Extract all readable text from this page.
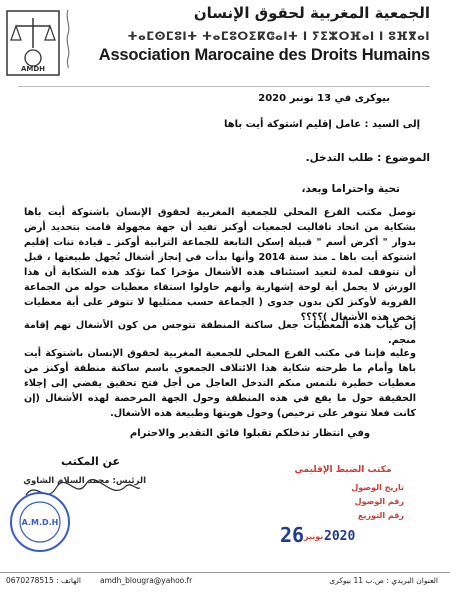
AMDH
الجمعية المغربية لحقوق الإنسان
ⵜⴰⵎⵙⵎⵓⵏⵜ ⵜⴰⵎⵓⵔⵉⴽⵛⴰⵏⵜ ⵏ ⵢⵉⵣⵔⴼⴰⵏ ⵏ ⵓⴼⴳⴰⵏ
Association Marocaine des Droits Humains
بيوكرى في 13 نونبر 2020
إلى السيد : عامل إقليم اشتوكة أيت باها
الموضوع : طلب التدخل.
تحية واحتراما وبعد،
توصل مكتب الفرع المحلي للجمعية المغربية لحقوق الإنسان باشتوكة أيت باها بشكاية من اتحاد تافاليت لجمعيات أوكنز تفيد أن جهة مجهولة قامت بتحديد أرض بدوار " أكرض أسم " قبيلة إسكن التابعة للجماعة الترابية أوكنز ـ قيادة تنات إقليم اشتوكة أيت باها ـ منذ سنة 2014 وأنها بدأت في إنجاز أشغال تُجهل طبيعتها ، قبل أن تتوقف لمدة لتعيد استئناف هذه الأشغال مؤخرا كما تؤكد هذه الشكاية أن هذا الورش لا يحمل أية لوحة إشهارية وأنهم حاولوا استقاء معطيات حوله من الجماعة القروية لأوكنز لكن بدون جدوى ( الجماعة حسب ممثليها لا تتوفر على أية معطيات تخص هذه الأشغال )؟؟؟؟
إن غياب هذه المعطيات جعل ساكنة المنطقة تتوجس من كون الأشغال تهم إقامة منجم.
وعليه فإننا في مكتب الفرع المحلي للجمعية المغربية لحقوق الإنسان باشتوكة أيت باها وأمام ما طرحته شكاية هذا الائتلاف الجمعوي باسم ساكنة منطقة أوكنز من معطيات خطيرة نلتمس منكم التدخل العاجل من أجل فتح تحقيق يفضي إلى إجلاء الحقيقة حول ما يقع في هذه المنطقة وحول الجهة المرخصة لهذه الأشغال (إن كانت فعلا تتوفر على ترخيص) وحول هويتها وطبيعة هذه الأشغال.
وفي انتظار تدخلكم تقبلوا فائق التقدير والاحترام
عن المكتب
الرئيس: محمد السلام الشاوي
A.M.D.H
مكتب الضبط الإقليمي
تاريخ الوصول
رقم الوصول
رقم التوزيع
26 نونبر 2020
العنوان البريدي : ص.ب 11 بيوكرى
amdh_blougra@yahoo.fr
0670278515 : الهاتف
